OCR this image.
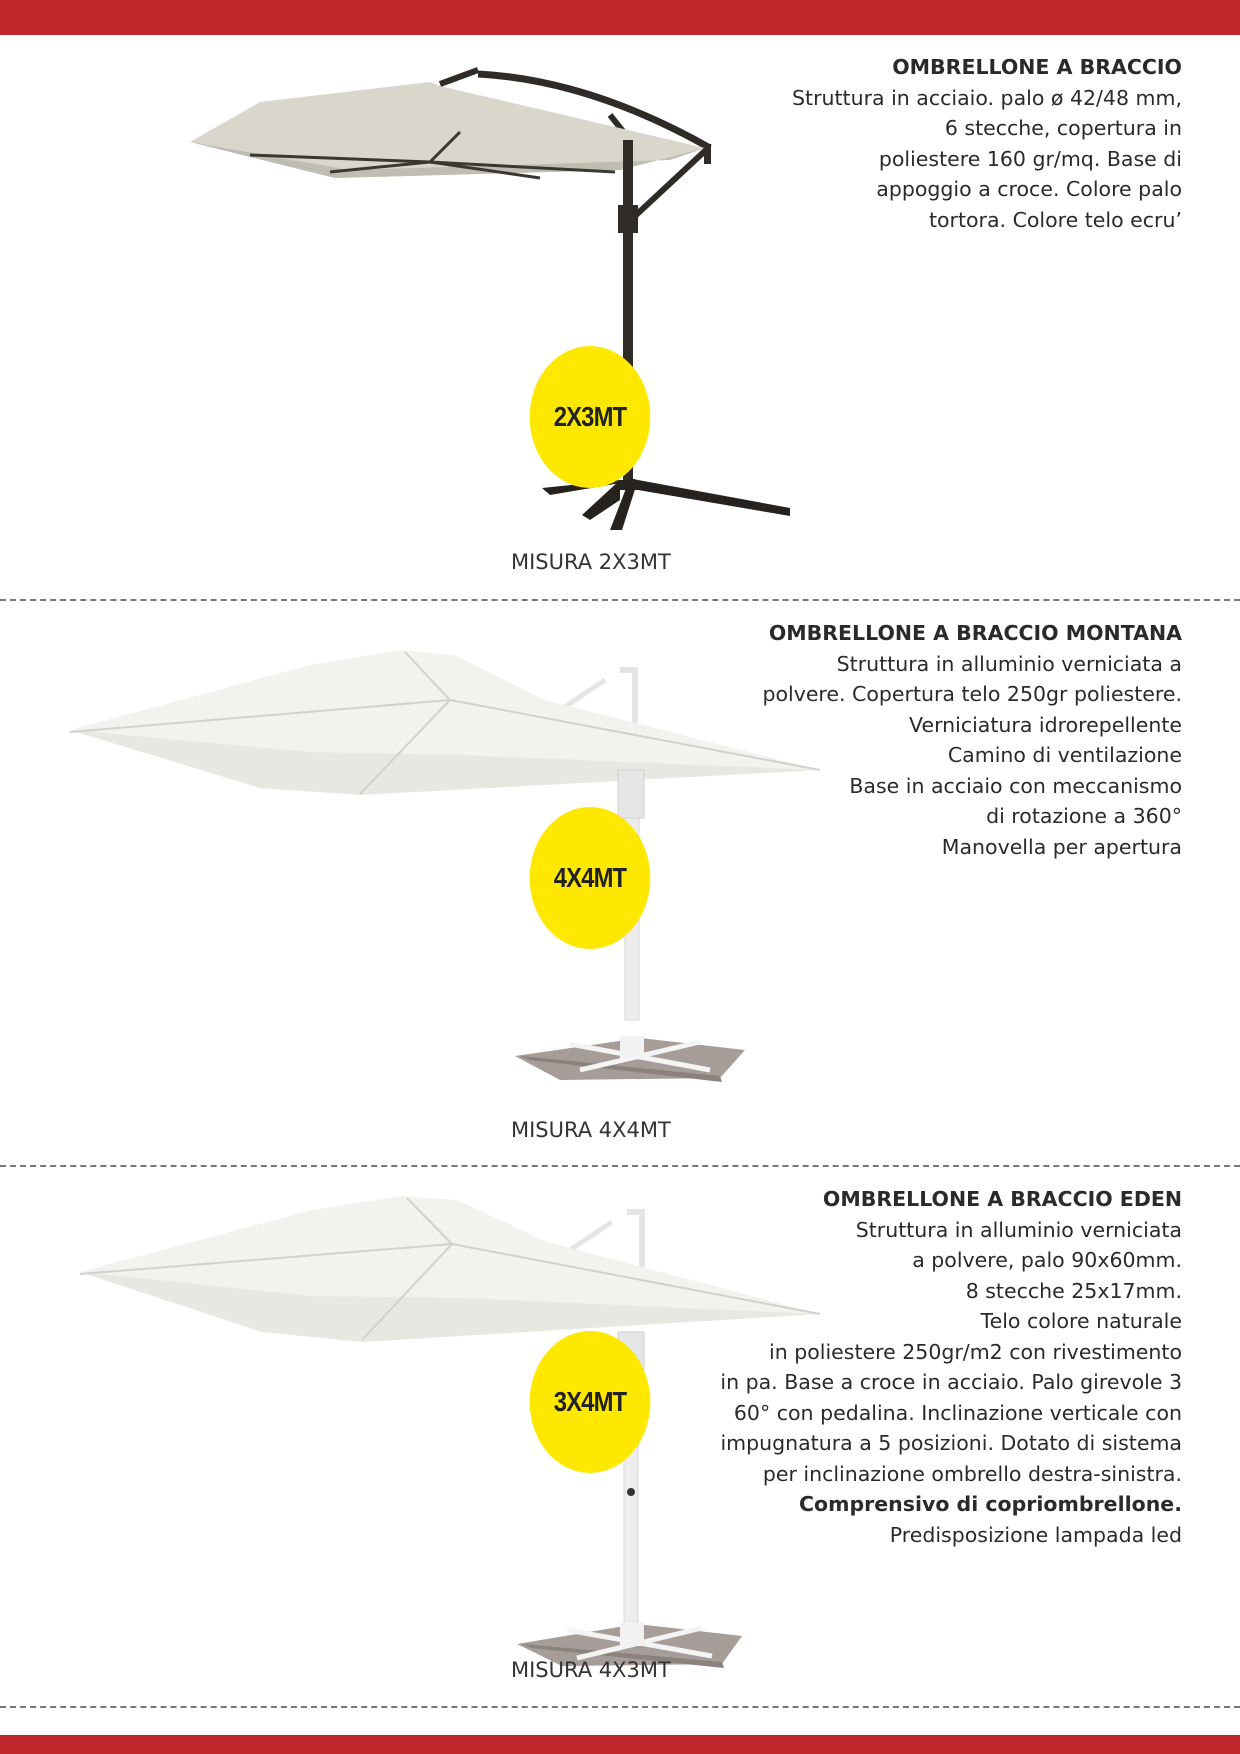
2X3MT
OMBRELLONE A BRACCIO
Struttura in acciaio. palo ø 42/48 mm,
6 stecche, copertura in
poliestere 160 gr/mq. Base di
appoggio a croce. Colore palo
tortora. Colore telo ecru’
MISURA 2X3MT
4X4MT
OMBRELLONE A BRACCIO MONTANA
Struttura in alluminio verniciata a
polvere. Copertura telo 250gr poliestere.
Verniciatura idrorepellente
Camino di ventilazione
Base in acciaio con meccanismo
di rotazione a 360°
Manovella per apertura
MISURA 4X4MT
3X4MT
OMBRELLONE A BRACCIO EDEN
Struttura in alluminio verniciata
a polvere, palo 90x60mm.
8 stecche 25x17mm.
Telo colore naturale
in poliestere 250gr/m2 con rivestimento
in pa. Base a croce in acciaio. Palo girevole 3
60° con pedalina. Inclinazione verticale con
impugnatura a 5 posizioni. Dotato di sistema
per inclinazione ombrello destra-sinistra.
Comprensivo di copriombrellone.
Predisposizione lampada led
MISURA 4X3MT
